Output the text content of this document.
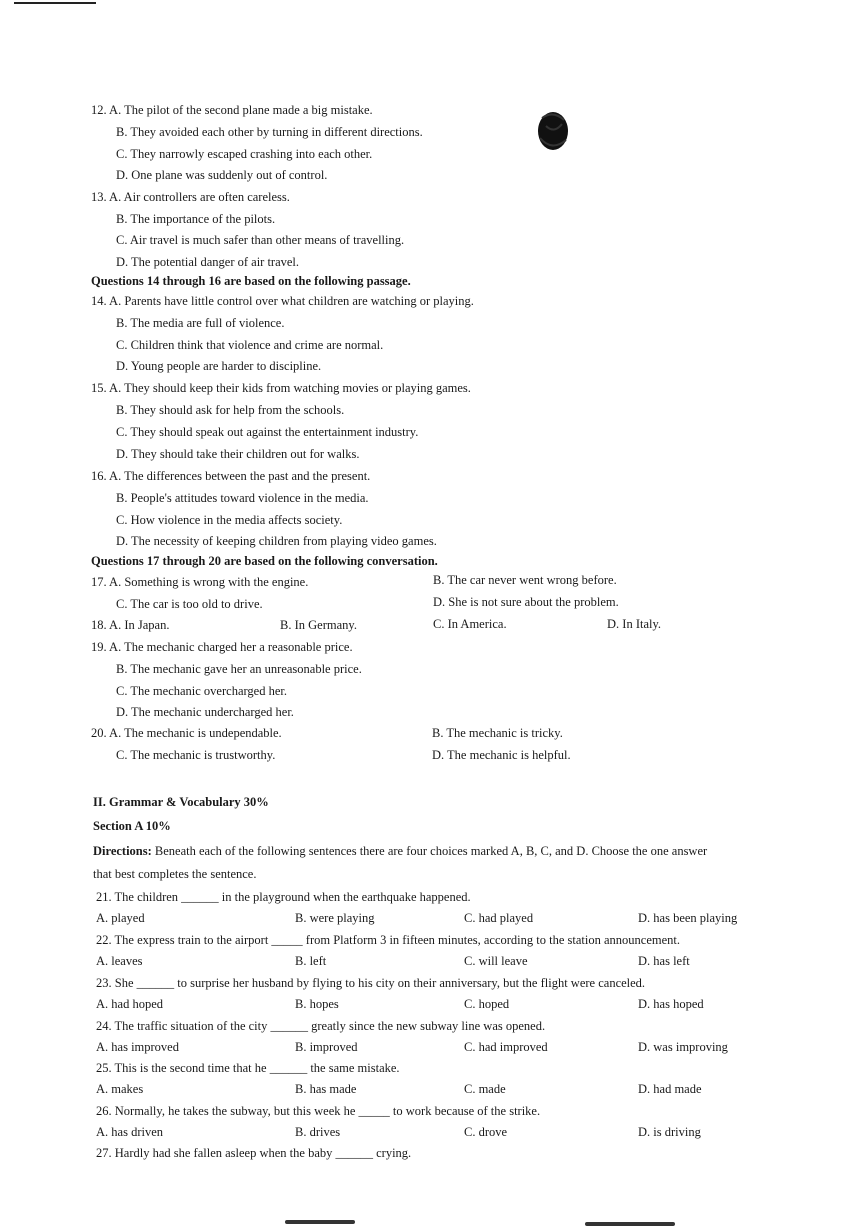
12. A. The pilot of the second plane made a big mistake.
B. They avoided each other by turning in different directions.
C. They narrowly escaped crashing into each other.
D. One plane was suddenly out of control.
13. A. Air controllers are often careless.
B. The importance of the pilots.
C. Air travel is much safer than other means of travelling.
D. The potential danger of air travel.
Questions 14 through 16 are based on the following passage.
14. A. Parents have little control over what children are watching or playing.
B. The media are full of violence.
C. Children think that violence and crime are normal.
D. Young people are harder to discipline.
15. A. They should keep their kids from watching movies or playing games.
B. They should ask for help from the schools.
C. They should speak out against the entertainment industry.
D. They should take their children out for walks.
16. A. The differences between the past and the present.
B. People's attitudes toward violence in the media.
C. How violence in the media affects society.
D. The necessity of keeping children from playing video games.
Questions 17 through 20 are based on the following conversation.
17. A. Something is wrong with the engine.	B. The car never went wrong before.
C. The car is too old to drive.	D. She is not sure about the problem.
18. A. In Japan.	B. In Germany.	C. In America.	D. In Italy.
19. A. The mechanic charged her a reasonable price.
B. The mechanic gave her an unreasonable price.
C. The mechanic overcharged her.
D. The mechanic undercharged her.
20. A. The mechanic is undependable.	B. The mechanic is tricky.
C. The mechanic is trustworthy.	D. The mechanic is helpful.
II. Grammar & Vocabulary 30%
Section A 10%
Directions: Beneath each of the following sentences there are four choices marked A, B, C, and D. Choose the one answer
that best completes the sentence.
21. The children ______ in the playground when the earthquake happened.
A. played	B. were playing	C. had played	D. has been playing
22. The express train to the airport _____ from Platform 3 in fifteen minutes, according to the station announcement.
A. leaves	B. left	C. will leave	D. has left
23. She ______ to surprise her husband by flying to his city on their anniversary, but the flight were canceled.
A. had hoped	B. hopes	C. hoped	D. has hoped
24. The traffic situation of the city ______ greatly since the new subway line was opened.
A. has improved	B. improved	C. had improved	D. was improving
25. This is the second time that he ______ the same mistake.
A. makes	B. has made	C. made	D. had made
26. Normally, he takes the subway, but this week he _____ to work because of the strike.
A. has driven	B. drives	C. drove	D. is driving
27. Hardly had she fallen asleep when the baby ______ crying.
